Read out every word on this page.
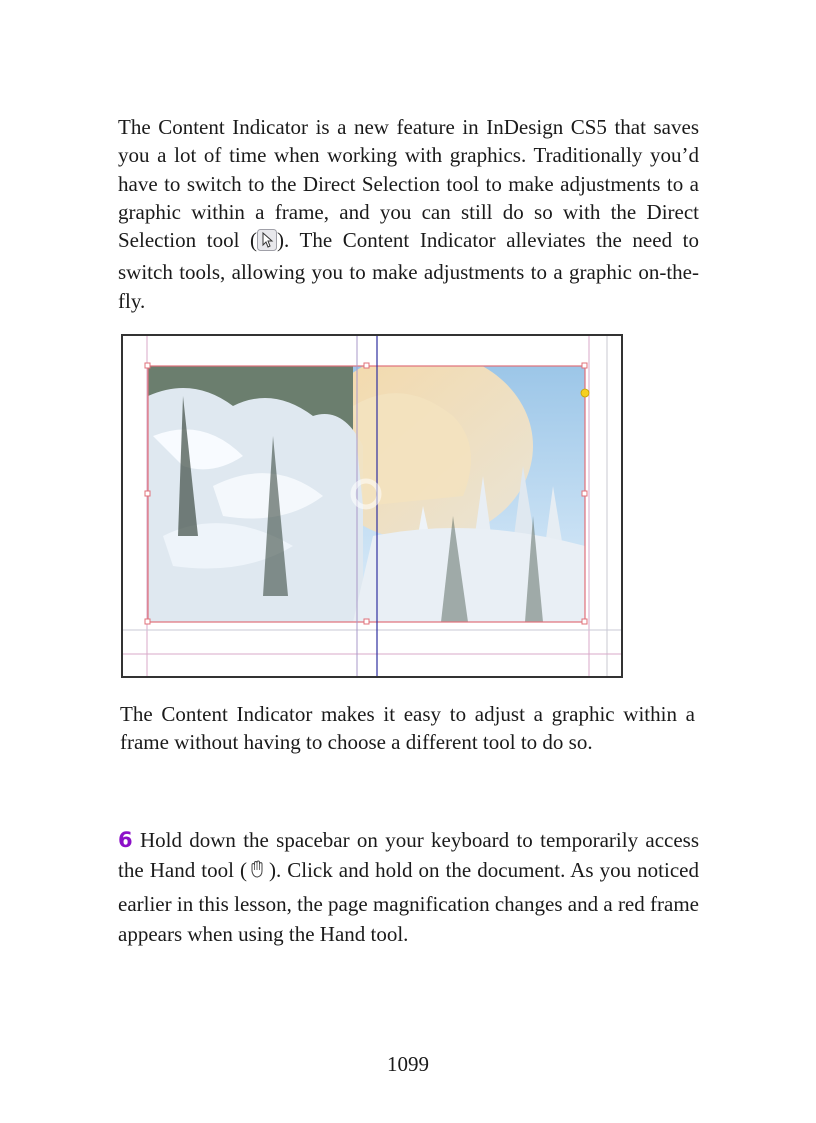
The Content Indicator is a new feature in InDesign CS5 that saves you a lot of time when working with graphics. Traditionally you’d have to switch to the Direct Selection tool to make adjustments to a graphic within a frame, and you can still do so with the Direct Selection tool ( ). The Content Indicator alleviates the need to switch tools, allowing you to make adjustments to a graphic on-the-fly.

The Content Indicator makes it easy to adjust a graphic within a frame without having to choose a different tool to do so.

6 Hold down the spacebar on your keyboard to temporarily access the Hand tool ( ). Click and hold on the document. As you noticed earlier in this lesson, the page magnification changes and a red frame appears when using the Hand tool.

1099
